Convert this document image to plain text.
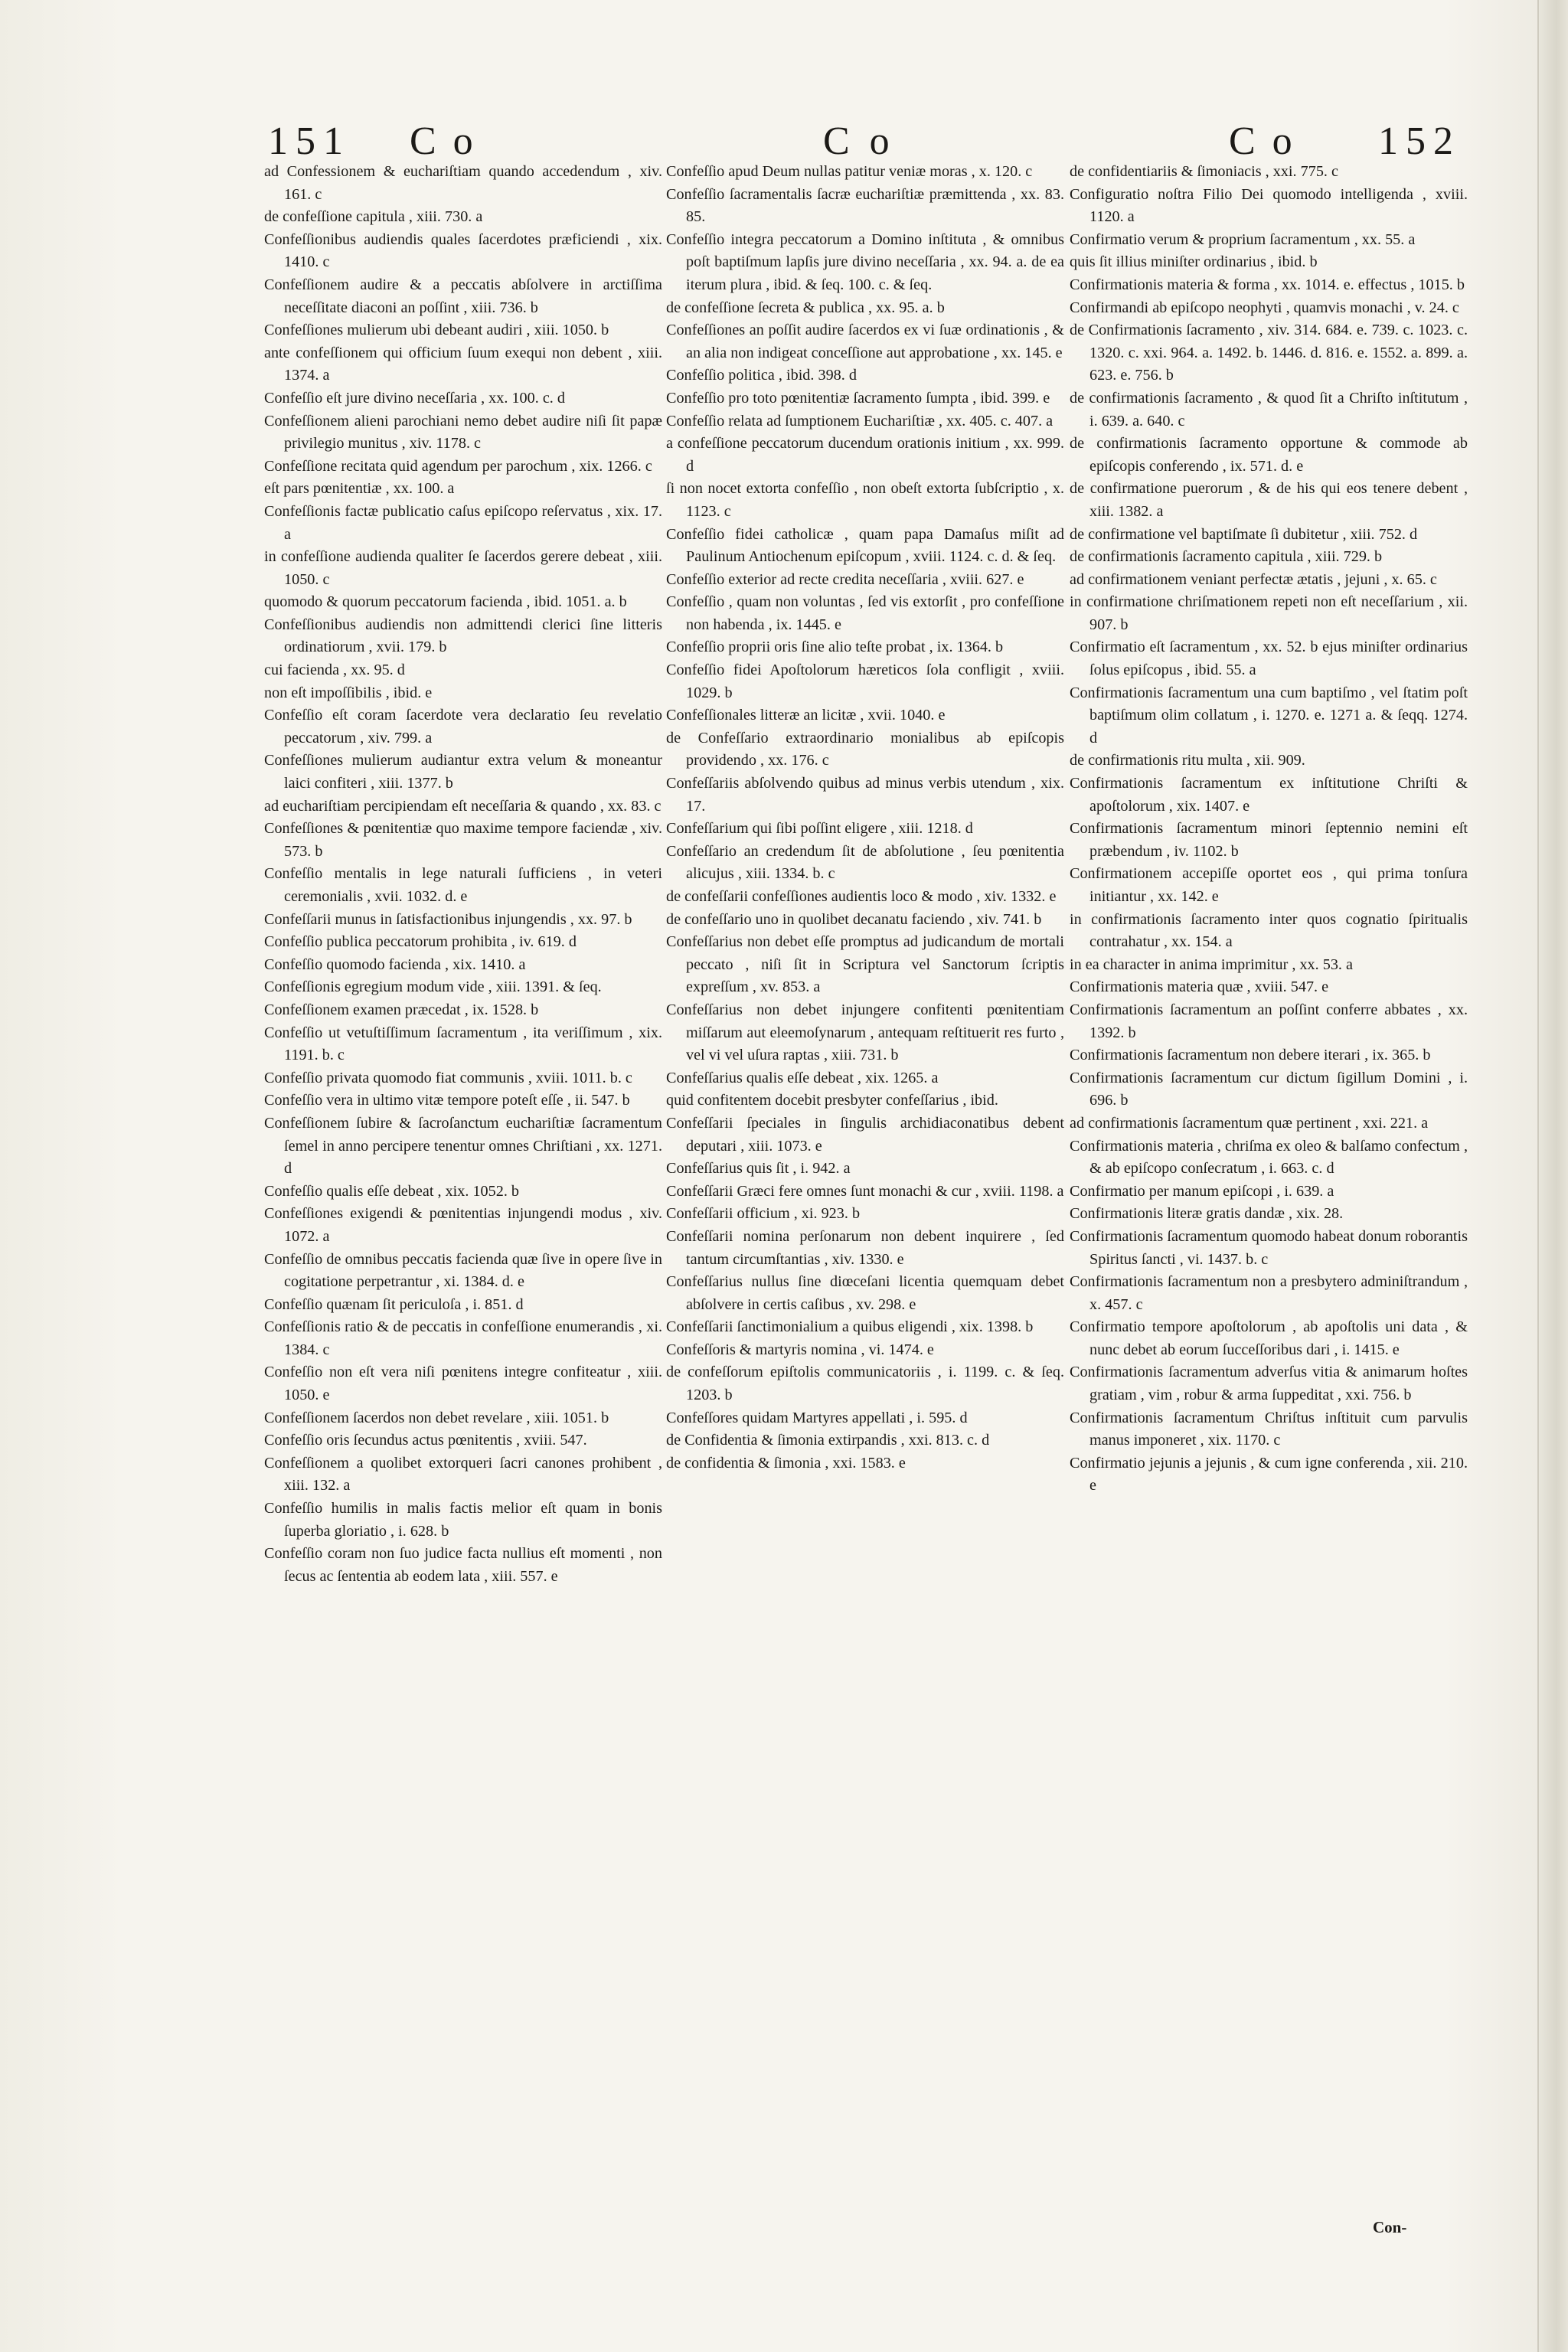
151 Co	Co	Co 152

ad Confessionem & euchariſtiam quando accedendum , xiv. 161. c

de confeſſione capitula , xiii. 730. a

Confeſſionibus audiendis quales ſacerdotes præficiendi , xix. 1410. c

Confeſſionem audire & a peccatis abſolvere in arctiſſima neceſſitate diaconi an poſſint , xiii. 736. b

Confeſſiones mulierum ubi debeant audiri , xiii. 1050. b

ante confeſſionem qui officium ſuum exequi non debent , xiii. 1374. a

Confeſſio eſt jure divino neceſſaria , xx. 100. c. d

Confeſſionem alieni parochiani nemo debet audire niſi ſit papæ privilegio munitus , xiv. 1178. c

Confeſſione recitata quid agendum per parochum , xix. 1266. c

eſt pars pœnitentiæ , xx. 100. a

Confeſſionis factæ publicatio caſus epiſcopo reſervatus , xix. 17. a

in confeſſione audienda qualiter ſe ſacerdos gerere debeat , xiii. 1050. c

quomodo & quorum peccatorum facienda , ibid. 1051. a. b

Confeſſionibus audiendis non admittendi clerici ſine litteris ordinatiorum , xvii. 179. b

cui facienda , xx. 95. d

non eſt impoſſibilis , ibid. e

Confeſſio eſt coram ſacerdote vera declaratio ſeu revelatio peccatorum , xiv. 799. a

Confeſſiones mulierum audiantur extra velum & moneantur laici confiteri , xiii. 1377. b

ad euchariſtiam percipiendam eſt neceſſaria & quando , xx. 83. c

Confeſſiones & pœnitentiæ quo maxime tempore faciendæ , xiv. 573. b

Confeſſio mentalis in lege naturali ſufficiens , in veteri ceremonialis , xvii. 1032. d. e

Confeſſarii munus in ſatisfactionibus injungendis , xx. 97. b

Confeſſio publica peccatorum prohibita , iv. 619. d

Confeſſio quomodo facienda , xix. 1410. a

Confeſſionis egregium modum vide , xiii. 1391. & ſeq.

Confeſſionem examen præcedat , ix. 1528. b

Confeſſio ut vetuſtiſſimum ſacramentum , ita veriſſimum , xix. 1191. b. c

Confeſſio privata quomodo fiat communis , xviii. 1011. b. c

Confeſſio vera in ultimo vitæ tempore poteſt eſſe , ii. 547. b

Confeſſionem ſubire & ſacroſanctum euchariſtiæ ſacramentum ſemel in anno percipere tenentur omnes Chriſtiani , xx. 1271. d

Confeſſio qualis eſſe debeat , xix. 1052. b

Confeſſiones exigendi & pœnitentias injungendi modus , xiv. 1072. a

Confeſſio de omnibus peccatis facienda quæ ſive in opere ſive in cogitatione perpetrantur , xi. 1384. d. e

Confeſſio quænam ſit periculoſa , i. 851. d

Confeſſionis ratio & de peccatis in confeſſione enumerandis , xi. 1384. c

Confeſſio non eſt vera niſi pœnitens integre confiteatur , xiii. 1050. e

Confeſſionem ſacerdos non debet revelare , xiii. 1051. b

Confeſſio oris ſecundus actus pœnitentis , xviii. 547.

Confeſſionem a quolibet extorqueri ſacri canones prohibent , xiii. 132. a

Confeſſio humilis in malis factis melior eſt quam in bonis ſuperba gloriatio , i. 628. b

Confeſſio coram non ſuo judice facta nullius eſt momenti , non ſecus ac ſententia ab eodem lata , xiii. 557. e

Confeſſio apud Deum nullas patitur veniæ moras , x. 120. c

Confeſſio ſacramentalis ſacræ euchariſtiæ præmittenda , xx. 83. 85.

Confeſſio integra peccatorum a Domino inſtituta , & omnibus poſt baptiſmum lapſis jure divino neceſſaria , xx. 94. a. de ea iterum plura , ibid. & ſeq. 100. c. & ſeq.

de confeſſione ſecreta & publica , xx. 95. a. b

Confeſſiones an poſſit audire ſacerdos ex vi ſuæ ordinationis , & an alia non indigeat conceſſione aut approbatione , xx. 145. e

Confeſſio politica , ibid. 398. d

Confeſſio pro toto pœnitentiæ ſacramento ſumpta , ibid. 399. e

Confeſſio relata ad ſumptionem Euchariſtiæ , xx. 405. c. 407. a

a confeſſione peccatorum ducendum orationis initium , xx. 999. d

ſi non nocet extorta confeſſio , non obeſt extorta ſubſcriptio , x. 1123. c

Confeſſio fidei catholicæ , quam papa Damaſus miſit ad Paulinum Antiochenum epiſcopum , xviii. 1124. c. d. & ſeq.

Confeſſio exterior ad recte credita neceſſaria , xviii. 627. e

Confeſſio , quam non voluntas , ſed vis extorſit , pro confeſſione non habenda , ix. 1445. e

Confeſſio proprii oris ſine alio teſte probat , ix. 1364. b

Confeſſio fidei Apoſtolorum hæreticos ſola confligit , xviii. 1029. b

Confeſſionales litteræ an licitæ , xvii. 1040. e

de Confeſſario extraordinario monialibus ab epiſcopis providendo , xx. 176. c

Confeſſariis abſolvendo quibus ad minus verbis utendum , xix. 17.

Confeſſarium qui ſibi poſſint eligere , xiii. 1218. d

Confeſſario an credendum ſit de abſolutione , ſeu pœnitentia alicujus , xiii. 1334. b. c

de confeſſarii confeſſiones audientis loco & modo , xiv. 1332. e

de confeſſario uno in quolibet decanatu faciendo , xiv. 741. b

Confeſſarius non debet eſſe promptus ad judicandum de mortali peccato , niſi ſit in Scriptura vel Sanctorum ſcriptis expreſſum , xv. 853. a

Confeſſarius non debet injungere confitenti pœnitentiam miſſarum aut eleemoſynarum , antequam reſtituerit res furto , vel vi vel uſura raptas , xiii. 731. b

Confeſſarius qualis eſſe debeat , xix. 1265. a

quid confitentem docebit presbyter confeſſarius , ibid.

Confeſſarii ſpeciales in ſingulis archidiaconatibus debent deputari , xiii. 1073. e

Confeſſarius quis ſit , i. 942. a

Confeſſarii Græci fere omnes ſunt monachi & cur , xviii. 1198. a

Confeſſarii officium , xi. 923. b

Confeſſarii nomina perſonarum non debent inquirere , ſed tantum circumſtantias , xiv. 1330. e

Confeſſarius nullus ſine diœceſani licentia quemquam debet abſolvere in certis caſibus , xv. 298. e

Confeſſarii ſanctimonialium a quibus eligendi , xix. 1398. b

Confeſſoris & martyris nomina , vi. 1474. e

de confeſſorum epiſtolis communicatoriis , i. 1199. c. & ſeq. 1203. b

Confeſſores quidam Martyres appellati , i. 595. d

de Confidentia & ſimonia extirpandis , xxi. 813. c. d

de confidentia & ſimonia , xxi. 1583. e

de confidentiariis & ſimoniacis , xxi. 775. c

Configuratio noſtra Filio Dei quomodo intelligenda , xviii. 1120. a

Confirmatio verum & proprium ſacramentum , xx. 55. a

quis ſit illius miniſter ordinarius , ibid. b

Confirmationis materia & forma , xx. 1014. e. effectus , 1015. b

Confirmandi ab epiſcopo neophyti , quamvis monachi , v. 24. c

de Confirmationis ſacramento , xiv. 314. 684. e. 739. c. 1023. c. 1320. c. xxi. 964. a. 1492. b. 1446. d. 816. e. 1552. a. 899. a. 623. e. 756. b

de confirmationis ſacramento , & quod ſit a Chriſto inſtitutum , i. 639. a. 640. c

de confirmationis ſacramento opportune & commode ab epiſcopis conferendo , ix. 571. d. e

de confirmatione puerorum , & de his qui eos tenere debent , xiii. 1382. a

de confirmatione vel baptiſmate ſi dubitetur , xiii. 752. d

de confirmationis ſacramento capitula , xiii. 729. b

ad confirmationem veniant perfectæ ætatis , jejuni , x. 65. c

in confirmatione chriſmationem repeti non eſt neceſſarium , xii. 907. b

Confirmatio eſt ſacramentum , xx. 52. b ejus miniſter ordinarius ſolus epiſcopus , ibid. 55. a

Confirmationis ſacramentum una cum baptiſmo , vel ſtatim poſt baptiſmum olim collatum , i. 1270. e. 1271 a. & ſeqq. 1274. d

de confirmationis ritu multa , xii. 909.

Confirmationis ſacramentum ex inſtitutione Chriſti & apoſtolorum , xix. 1407. e

Confirmationis ſacramentum minori ſeptennio nemini eſt præbendum , iv. 1102. b

Confirmationem accepiſſe oportet eos , qui prima tonſura initiantur , xx. 142. e

in confirmationis ſacramento inter quos cognatio ſpiritualis contrahatur , xx. 154. a

in ea character in anima imprimitur , xx. 53. a

Confirmationis materia quæ , xviii. 547. e

Confirmationis ſacramentum an poſſint conferre abbates , xx. 1392. b

Confirmationis ſacramentum non debere iterari , ix. 365. b

Confirmationis ſacramentum cur dictum ſigillum Domini , i. 696. b

ad confirmationis ſacramentum quæ pertinent , xxi. 221. a

Confirmationis materia , chriſma ex oleo & balſamo confectum , & ab epiſcopo conſecratum , i. 663. c. d

Confirmatio per manum epiſcopi , i. 639. a

Confirmationis literæ gratis dandæ , xix. 28.

Confirmationis ſacramentum quomodo habeat donum roborantis Spiritus ſancti , vi. 1437. b. c

Confirmationis ſacramentum non a presbytero adminiſtrandum , x. 457. c

Confirmatio tempore apoſtolorum , ab apoſtolis uni data , & nunc debet ab eorum ſucceſſoribus dari , i. 1415. e

Confirmationis ſacramentum adverſus vitia & animarum hoſtes gratiam , vim , robur & arma ſuppeditat , xxi. 756. b

Confirmationis ſacramentum Chriſtus inſtituit cum parvulis manus imponeret , xix. 1170. c

Confirmatio jejunis a jejunis , & cum igne conferenda , xii. 210. e

Con-
